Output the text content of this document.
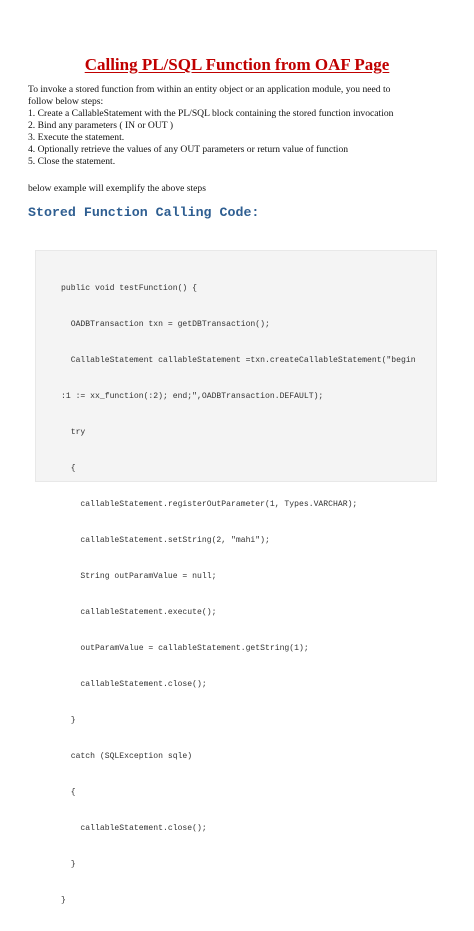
Calling PL/SQL Function from OAF Page
To invoke a stored function from within an entity object or an application module, you need to
follow below steps:
1. Create a CallableStatement with the PL/SQL block containing the stored function invocation
2. Bind any parameters ( IN or OUT )
3. Execute the statement.
4. Optionally retrieve the values of any OUT parameters or return value of function
5. Close the statement.

below example will exemplify the above steps

Stored Function Calling Code:

public void testFunction() {

OADBTransaction txn = getDBTransaction();

CallableStatement callableStatement =txn.createCallableStatement("begin

:1 := xx_function(:2); end;",OADBTransaction.DEFAULT);

try

{

callableStatement.registerOutParameter(1, Types.VARCHAR);

callableStatement.setString(2, "mahi");

String outParamValue = null;

callableStatement.execute();

outParamValue = callableStatement.getString(1);

callableStatement.close();

}

catch (SQLException sqle)

{

callableStatement.close();

}

}
